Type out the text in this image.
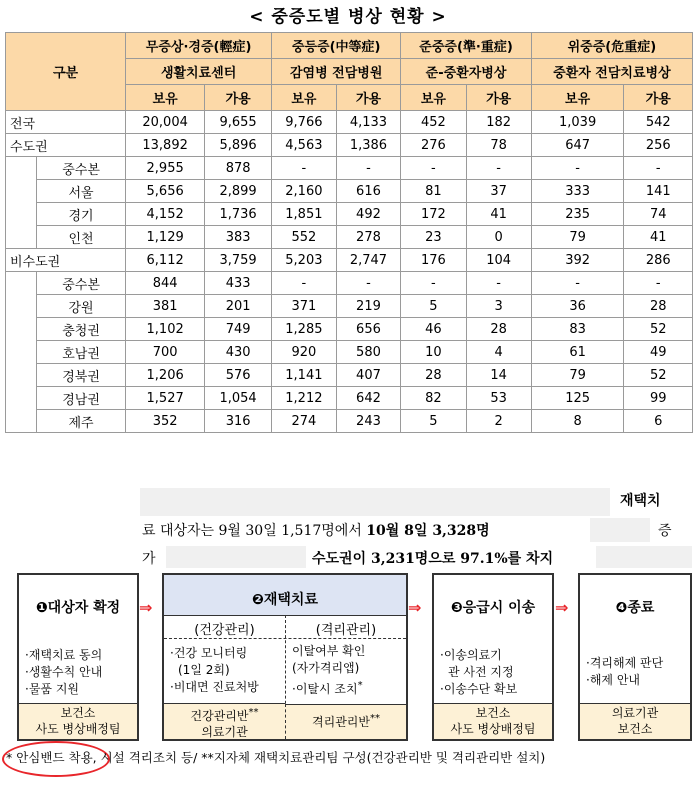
< 중증도별 병상 현황 >
구분		무증상·경증(輕症)		중등증(中等症)		준중증(準·重症)		위중증(危重症)	
		생활치료센터		감염병 전담병원		준-중환자병상		중환자 전담치료병상	
		보유	가용	보유	가용	보유	가용	보유	가용
전국		20,004	9,655	9,766	4,133	452	182	1,039	542
수도권		13,892	5,896	4,563	1,386	276	78	647	256
	중수본	2,955	878	-	-	-	-	-	-
	서울	5,656	2,899	2,160	616	81	37	333	141
	경기	4,152	1,736	1,851	492	172	41	235	74
	인천	1,129	383	552	278	23	0	79	41
비수도권		6,112	3,759	5,203	2,747	176	104	392	286
	중수본	844	433	-	-	-	-	-	-
	강원	381	201	371	219	5	3	36	28
	충청권	1,102	749	1,285	656	46	28	83	52
	호남권	700	430	920	580	10	4	61	49
	경북권	1,206	576	1,141	407	28	14	79	52
	경남권	1,527	1,054	1,212	642	82	53	125	99
	제주	352	316	274	243	5	2	8	6
재택치
료 대상자는 9월 30일 1,517명에서 10월 8일 3,328명	증
가	수도권이 3,231명으로 97.1%를 차지
❶대상자 확정
·재택치료 동의
·생활수칙 안내
·물품 지원
보건소
사도 병상배정팀
⇒	❷재택치료
(건강관리)	(격리관리)
·건강 모니터링
(1일 2회)
·비대면 진료처방
이탈여부 확인
(자가격리앱)
·이탈시 조치*
건강관리반**
의료기관
격리관리반**
⇒	❸응급시 이송
·이송의료기
관 사전 지정
·이송수단 확보
보건소
사도 병상배정팀
⇒	❹종료
·격리해제 판단
·해제 안내
의료기관
보건소
* 안심밴드 착용, 시설 격리조치 등/ **지자체 재택치료관리팀 구성(건강관리반 및 격리관리반 설치)
